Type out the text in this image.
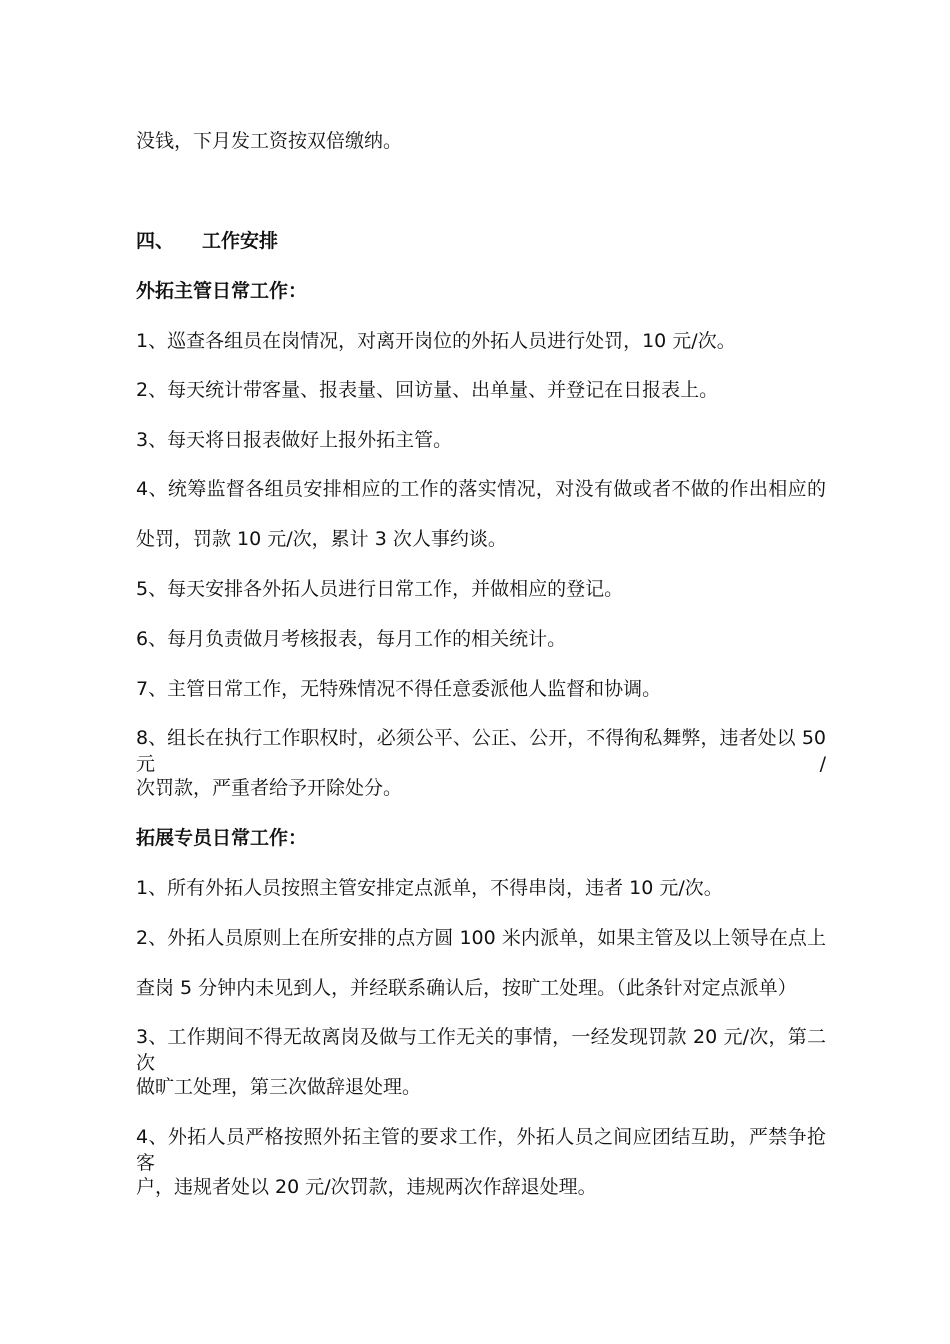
没钱，下月发工资按双倍缴纳。
四、 工作安排
外拓主管日常工作：
1、巡查各组员在岗情况，对离开岗位的外拓人员进行处罚，10 元/次。
2、每天统计带客量、报表量、回访量、出单量、并登记在日报表上。
3、每天将日报表做好上报外拓主管。
4、统筹监督各组员安排相应的工作的落实情况，对没有做或者不做的作出相应的
处罚，罚款 10 元/次，累计 3 次人事约谈。
5、每天安排各外拓人员进行日常工作，并做相应的登记。
6、每月负责做月考核报表，每月工作的相关统计。
7、主管日常工作，无特殊情况不得任意委派他人监督和协调。
8、组长在执行工作职权时，必须公平、公正、公开，不得徇私舞弊，违者处以 50 元/
次罚款，严重者给予开除处分。
拓展专员日常工作：
1、所有外拓人员按照主管安排定点派单，不得串岗，违者 10 元/次。
2、外拓人员原则上在所安排的点方圆 100 米内派单，如果主管及以上领导在点上
查岗 5 分钟内未见到人，并经联系确认后，按旷工处理。（此条针对定点派单）
3、工作期间不得无故离岗及做与工作无关的事情，一经发现罚款 20 元/次，第二次
做旷工处理，第三次做辞退处理。
4、外拓人员严格按照外拓主管的要求工作，外拓人员之间应团结互助，严禁争抢客
户，违规者处以 20 元/次罚款，违规两次作辞退处理。
